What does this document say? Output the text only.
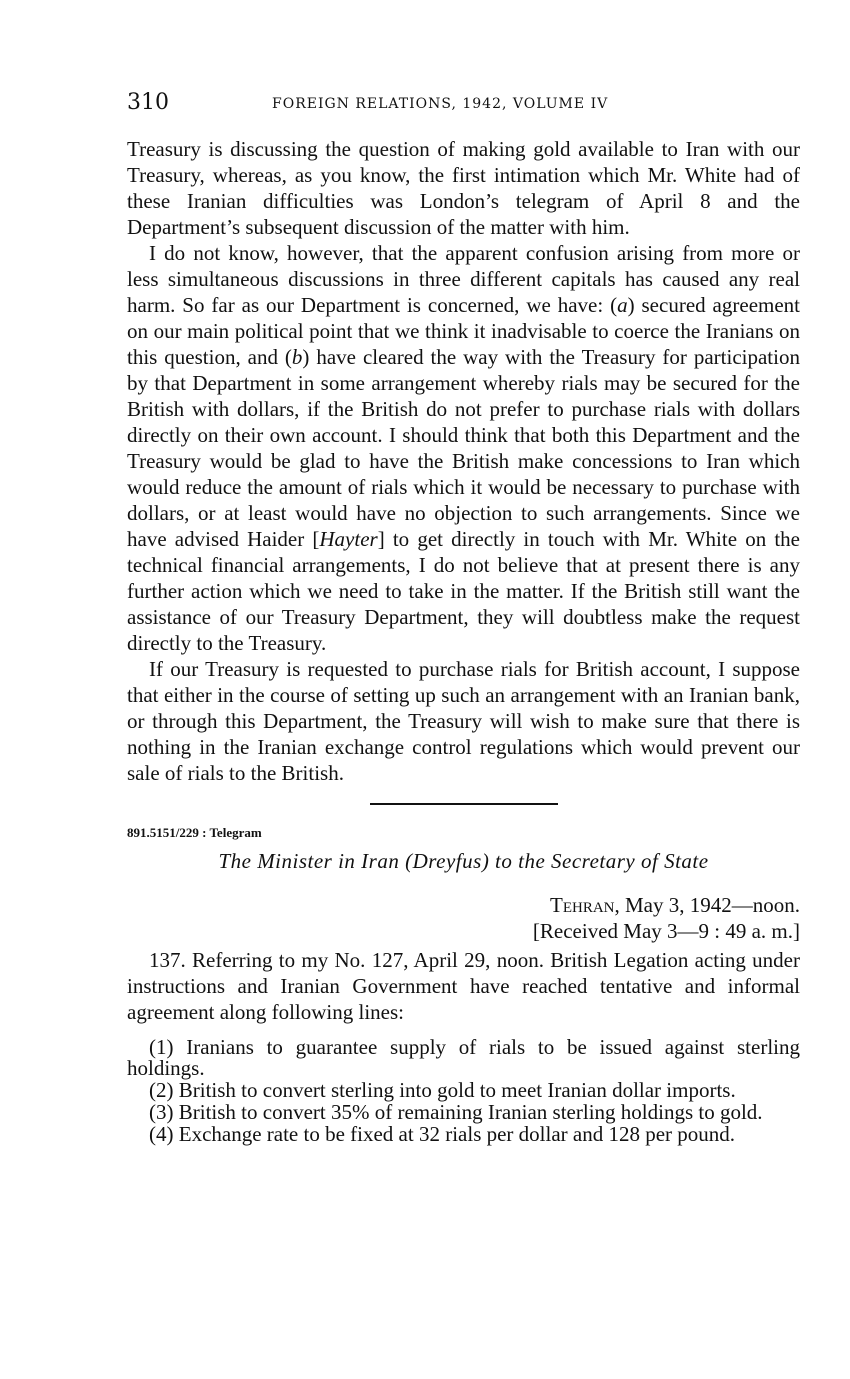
310	FOREIGN RELATIONS, 1942, VOLUME IV

Treasury is discussing the question of making gold available to Iran with our Treasury, whereas, as you know, the first intimation which Mr. White had of these Iranian difficulties was London’s telegram of April 8 and the Department’s subsequent discussion of the matter with him.

I do not know, however, that the apparent confusion arising from more or less simultaneous discussions in three different capitals has caused any real harm. So far as our Department is concerned, we have: (a) secured agreement on our main political point that we think it inadvisable to coerce the Iranians on this question, and (b) have cleared the way with the Treasury for participation by that Department in some arrangement whereby rials may be secured for the British with dollars, if the British do not prefer to purchase rials with dollars directly on their own account. I should think that both this Department and the Treasury would be glad to have the British make concessions to Iran which would reduce the amount of rials which it would be necessary to purchase with dollars, or at least would have no objection to such arrangements. Since we have advised Haider [Hayter] to get directly in touch with Mr. White on the technical financial arrangements, I do not believe that at present there is any further action which we need to take in the matter. If the British still want the assistance of our Treasury Department, they will doubtless make the request directly to the Treasury.

If our Treasury is requested to purchase rials for British account, I suppose that either in the course of setting up such an arrangement with an Iranian bank, or through this Department, the Treasury will wish to make sure that there is nothing in the Iranian exchange control regulations which would prevent our sale of rials to the British.

891.5151/229 : Telegram
The Minister in Iran (Dreyfus) to the Secretary of State
Tehran, May 3, 1942—noon.
[Received May 3—9 : 49 a. m.]

137. Referring to my No. 127, April 29, noon. British Legation acting under instructions and Iranian Government have reached tentative and informal agreement along following lines:

(1) Iranians to guarantee supply of rials to be issued against sterling holdings.

(2) British to convert sterling into gold to meet Iranian dollar imports.

(3) British to convert 35% of remaining Iranian sterling holdings to gold.

(4) Exchange rate to be fixed at 32 rials per dollar and 128 per pound.
